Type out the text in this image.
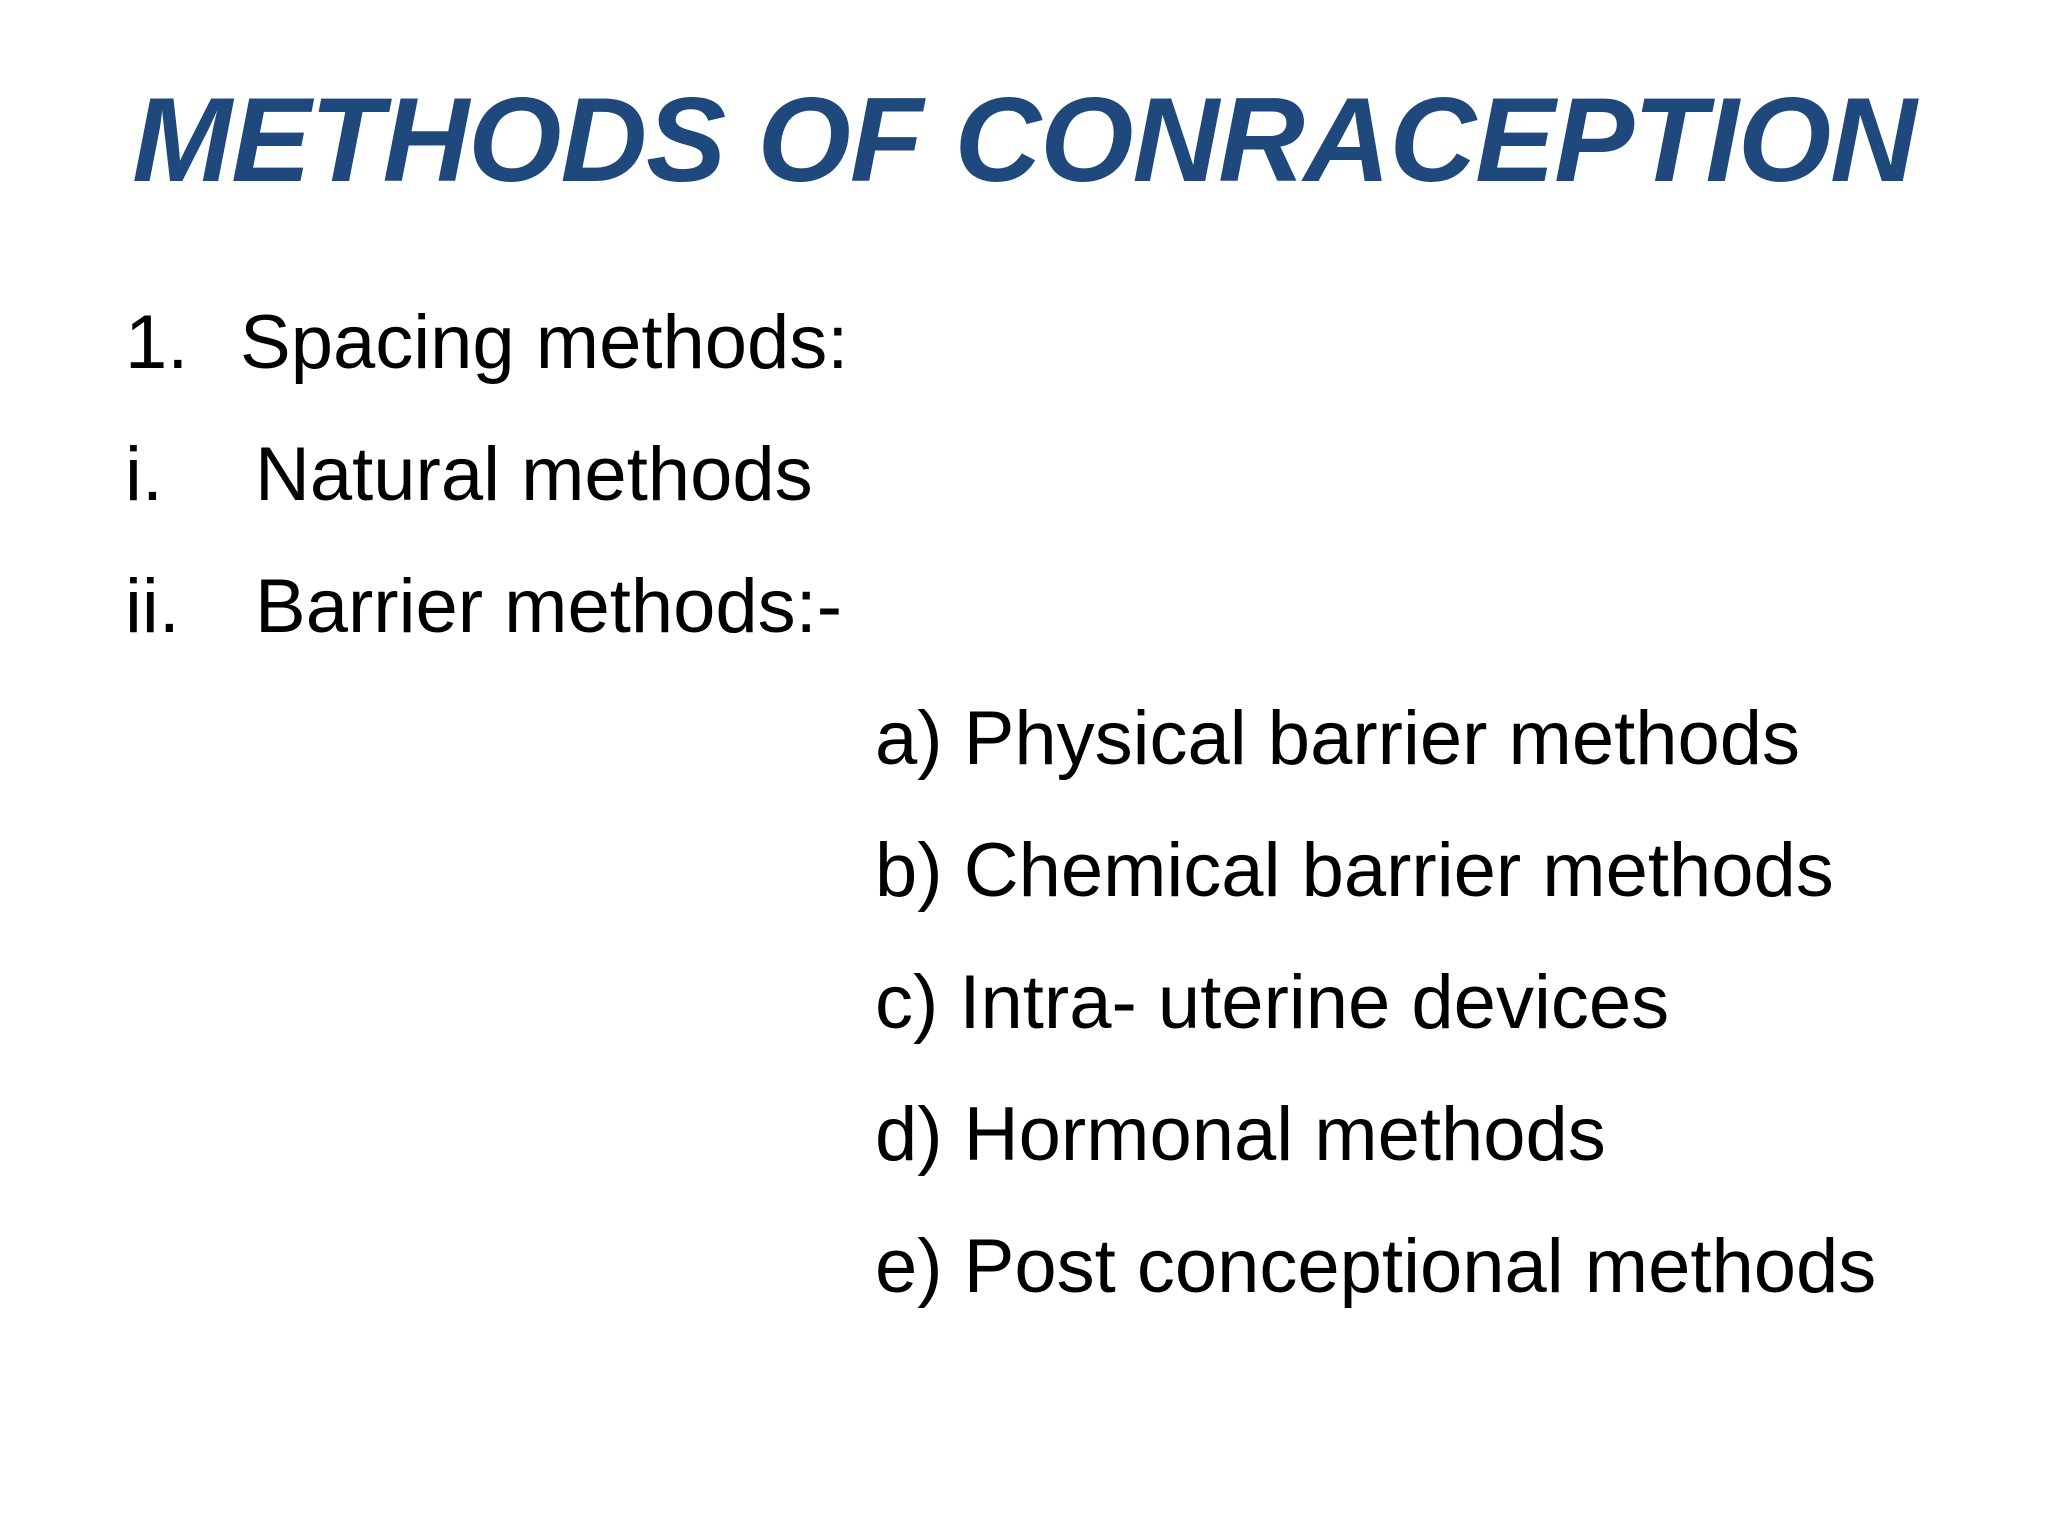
METHODS OF CONRACEPTION
1. Spacing methods:
i. Natural methods
ii. Barrier methods:-
a) Physical barrier methods
b) Chemical barrier methods
c) Intra- uterine devices
d) Hormonal methods
e) Post conceptional methods
